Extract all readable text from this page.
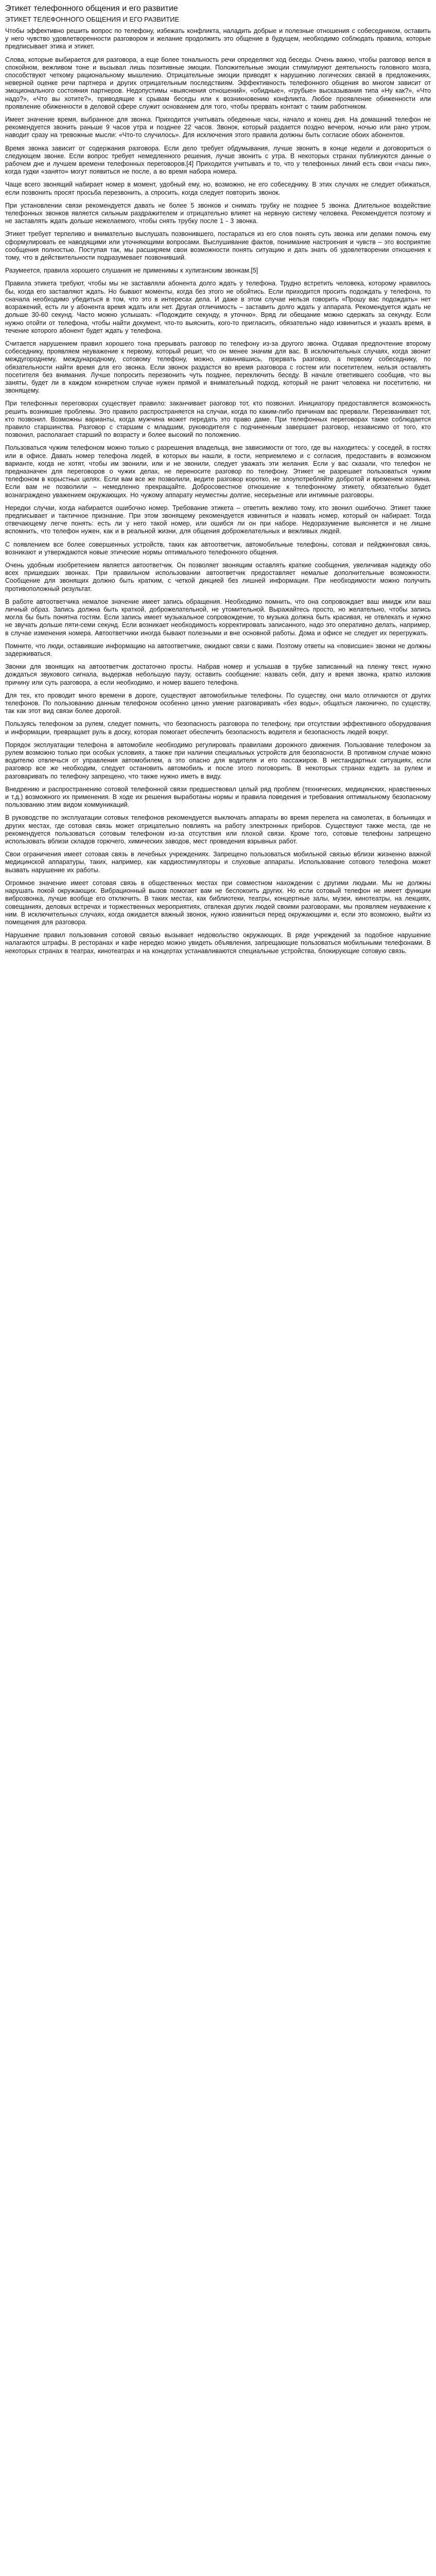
Этикет телефонного общения и его развитие
ЭТИКЕТ ТЕЛЕФОННОГО ОБЩЕНИЯ И ЕГО РАЗВИТИЕ

Чтобы эффективно решить вопрос по телефону, избежать конфликта, наладить добрые и полезные отношения с собеседником, оставить у него чувство удовлетворенности разговором и желание продолжить это общение в будущем, необходимо соблюдать правила, которые предписывает этика и этикет.

Слова, которые выбирается для разговора, а еще более тональность речи определяют ход беседы. Очень важно, чтобы разговор велся в спокойном, вежливом тоне и вызывал лишь позитивные эмоции. Положительные эмоции стимулируют деятельность головного мозга, способствуют четкому рациональному мышлению. Отрицательные эмоции приводят к нарушению логических связей в предложениях, неверной оценке речи партнера и других отрицательным последствиям. Эффективность телефонного общения во многом зависит от эмоционального состояния партнеров. Недопустимы «выяснения отношений», «обидные», «грубые» высказывания типа «Ну как?», «Что надо?», «Что вы хотите?», приводящие к срывам беседы или к возникновению конфликта. Любое проявление обиженности или проявление обиженности в деловой сфере служит основанием для того, чтобы прервать контакт с таким работником.

Имеет значение время, выбранное для звонка. Приходится учитывать обеденные часы, начало и конец дня. На домашний телефон не рекомендуется звонить раньше 9 часов утра и позднее 22 часов. Звонок, который раздается поздно вечером, ночью или рано утром, наводит сразу на тревожные мысли: «Что-то случилось». Для исключения этого правила должны быть согласие обоих абонентов.

Время звонка зависит от содержания разговора. Если дело требует обдумывания, лучше звонить в конце недели и договориться о следующем звонке. Если вопрос требует немедленного решения, лучше звонить с утра. В некоторых странах публикуются данные о рабочем дне и лучшем времени телефонных переговоров.[4] Приходится учитывать и то, что у телефонных линий есть свои «часы пик», когда гудки «занято» могут появиться не после, а во время набора номера.

Чаще всего звонящий набирает номер в момент, удобный ему, но, возможно, не его собеседнику. В этих случаях не следует обижаться, если позвонить просят просьба перезвонить, а спросить, когда следует повторить звонок.

При установлении связи рекомендуется давать не более 5 звонков и снимать трубку не позднее 5 звонка. Длительное воздействие телефонных звонков является сильным раздражителем и отрицательно влияет на нервную систему человека. Рекомендуется поэтому и не заставлять ждать дольше нежелаемого, чтобы снять трубку после 1 - 3 звонка.

Этикет требует терпеливо и внимательно выслушать позвонившего, постараться из его слов понять суть звонка или делами помочь ему сформулировать ее наводящими или уточняющими вопросами. Выслушивание фактов, понимание настроения и чувств – это восприятие сообщения полностью. Поступая так, мы расширяем свои возможности понять ситуацию и дать знать об удовлетворении отношения к тому, что в действительности подразумевает позвонивший.

Разумеется, правила хорошего слушания не применимы к хулиганским звонкам.[5]

Правила этикета требуют, чтобы мы не заставляли абонента долго ждать у телефона. Трудно встретить человека, которому нравилось бы, когда его заставляют ждать. Но бывают моменты, когда без этого не обойтись. Если приходится просить подождать у телефона, то сначала необходимо убедиться в том, что это в интересах дела. И даже в этом случае нельзя говорить «Прошу вас подождать» нет возражений, есть ли у абонента время ждать или нет. Другая отличимость – заставить долго ждать у аппарата. Рекомендуется ждать не дольше 30-60 секунд. Часто можно услышать: «Подождите секунду, я уточню». Вряд ли обещание можно сдержать за секунду. Если нужно отойти от телефона, чтобы найти документ, что-то выяснить, кого-то пригласить, обязательно надо извиниться и указать время, в течение которого абонент будет ждать у телефона.

Считается нарушением правил хорошего тона прерывать разговор по телефону из-за другого звонка. Отдавая предпочтение второму собеседнику, проявляем неуважение к первому, который решит, что он менее значим для вас. В исключительных случаях, когда звонит междугороднему, международному, сотовому телефону, можно, извинившись, прервать разговор, а первому собеседнику, по обязательности найти время для его звонка. Если звонок раздастся во время разговора с гостем или посетителем, нельзя оставлять посетителя без внимания. Лучше попросить перезвонить чуть позднее, переключить беседу. В начале ответившего сообщив, что вы заняты, будет ли в каждом конкретном случае нужен прямой и внимательный подход, который не ранит человека ни посетителю, ни звонящему.

При телефонных переговорах существует правило: заканчивает разговор тот, кто позвонил. Инициатору предоставляется возможность решить возникшие проблемы. Это правило распространяется на случаи, когда по каким-либо причинам вас прервали. Перезванивает тот, кто позвонил. Возможны варианты, когда мужчина может передать это право даме. При телефонных переговорах также соблюдается правило старшинства. Разговор с старшим с младшим, руководителя с подчиненным завершает разговор, независимо от того, кто позвонил, располагает старший по возрасту и более высокий по положению.

Пользоваться чужим телефоном можно только с разрешения владельца, вне зависимости от того, где вы находитесь: у соседей, в гостях или в офисе. Давать номер телефона людей, в которых вы нашли, в гости, неприемлемо и с согласия, предоставить в возможном варианте, когда не хотят, чтобы им звонили, или и не звонили, следует уважать эти желания. Если у вас сказали, что телефон не предназначен для переговоров о чужих делах, не переносите разговор по телефону. Этикет не разрешает пользоваться чужим телефоном в корыстных целях. Если вам все же позволили, ведите разговор коротко, не злоупотребляйте добротой и временем хозяина. Если вам не позволили – немедленно прекращайте. Добросовестное отношение к телефонному этикету, обязательно будет вознаграждено уважением окружающих. Но чужому аппарату неуместны долгие, несерьезные или интимные разговоры.

Нередки случаи, когда набирается ошибочно номер. Требование этикета – ответить вежливо тому, кто звонил ошибочно. Этикет также предписывает и тактичное признание. При этом звонящему рекомендуется извиниться и назвать номер, который он набирает. Тогда отвечающему легче понять: есть ли у него такой номер, или ошибся ли он при наборе. Недоразумение выясняется и не лишне вспомнить, что телефон нужен, как и в реальной жизни, для общения доброжелательных и вежливых людей.

С появлением все более совершенных устройств, таких как автоответчик, автомобильные телефоны, сотовая и пейджинговая связь, возникают и утверждаются новые этические нормы оптимального телефонного общения.

Очень удобным изобретением является автоответчик. Он позволяет звонящим оставлять краткие сообщения, увеличивая надежду обо всех пришедших звонках. При правильном использовании автоответчик предоставляет немалые дополнительные возможности. Сообщение для звонящих должно быть кратким, с четкой дикцией без лишней информации. При необходимости можно получить противоположный результат.

В работе автоответчика немалое значение имеет запись обращения. Необходимо помнить, что она сопровождает ваш имидж или ваш личный образ. Запись должна быть краткой, доброжелательной, не утомительной. Выражайтесь просто, но желательно, чтобы запись могла бы быть понятна гостям. Если запись имеет музыкальное сопровождение, то музыка должна быть красивая, не отвлекать и нужно не звучать дольше пяти-семи секунд. Если возникает необходимость корректировать записанного, надо это оперативно делать, например, в случае изменения номера. Автоответчики иногда бывают полезными и вне основной работы. Дома и офисе не следует их перегружать.

Помните, что люди, оставившие информацию на автоответчике, ожидают связи с вами. Поэтому ответы на «повисшие» звонки не должны задерживаться.

Звонки для звонящих на автоответчик достаточно просты. Набрав номер и услышав в трубке записанный на пленку текст, нужно дождаться звукового сигнала, выдержав небольшую паузу, оставить сообщение: назвать себя, дату и время звонка, кратко изложив причину или суть разговора, а если необходимо, и номер вашего телефона.

Для тех, кто проводит много времени в дороге, существуют автомобильные телефоны. По существу, они мало отличаются от других телефонов. По пользованию данным телефоном особенно ценно умение разговаривать «без воды», общаться лаконично, по существу, так как этот вид связи более дорогой.

Пользуясь телефоном за рулем, следует помнить, что безопасность разговора по телефону, при отсутствии эффективного оборудования и информации, превращает руль в доску, которая помогает обеспечить безопасность водителя и безопасность людей вокруг.

Порядок эксплуатации телефона в автомобиле необходимо регулировать правилами дорожного движения. Пользование телефоном за рулем возможно только при особых условиях, а также при наличии специальных устройств для безопасности. В противном случае можно водителю отвлечься от управления автомобилем, а это опасно для водителя и его пассажиров. В нестандартных ситуациях, если разговор все же необходим, следует остановить автомобиль и после этого поговорить. В некоторых странах ездить за рулем и разговаривать по телефону запрещено, что также нужно иметь в виду.

Внедрению и распространению сотовой телефонной связи предшествовал целый ряд проблем (технических, медицинских, нравственных и т.д.) возможного их применения. В ходе их решения выработаны нормы и правила поведения и требования оптимальному безопасному пользованию этим видом коммуникаций.

В руководстве по эксплуатации сотовых телефонов рекомендуется выключать аппараты во время перелета на самолетах, в больницах и других местах, где сотовая связь может отрицательно повлиять на работу электронных приборов. Существуют также места, где не рекомендуется пользоваться сотовым телефоном из-за отсутствия или плохой связи. Кроме того, сотовые телефоны запрещено использовать вблизи складов горючего, химических заводов, мест проведения взрывных работ.

Свои ограничения имеет сотовая связь в лечебных учреждениях. Запрещено пользоваться мобильной связью вблизи жизненно важной медицинской аппаратуры, таких, например, как кардиостимуляторы и слуховые аппараты. Использование сотового телефона может вызвать нарушение их работы.

Огромное значение имеет сотовая связь в общественных местах при совместном нахождении с другими людьми. Мы не должны нарушать покой окружающих. Вибрационный вызов помогает вам не беспокоить других. Но если сотовый телефон не имеет функции виброзвонка, лучше вообще его отключить. В таких местах, как библиотеки, театры, концертные залы, музеи, кинотеатры, на лекциях, совещаниях, деловых встречах и торжественных мероприятиях, отвлекая других людей своими разговорами, мы проявляем неуважение к ним. В исключительных случаях, когда ожидается важный звонок, нужно извиниться перед окружающими и, если это возможно, выйти из помещения для разговора.

Нарушение правил пользования сотовой связью вызывает недовольство окружающих. В ряде учреждений за подобное нарушение налагаются штрафы. В ресторанах и кафе нередко можно увидеть объявления, запрещающие пользоваться мобильными телефонами. В некоторых странах в театрах, кинотеатрах и на концертах устанавливаются специальные устройства, блокирующие сотовую связь.
